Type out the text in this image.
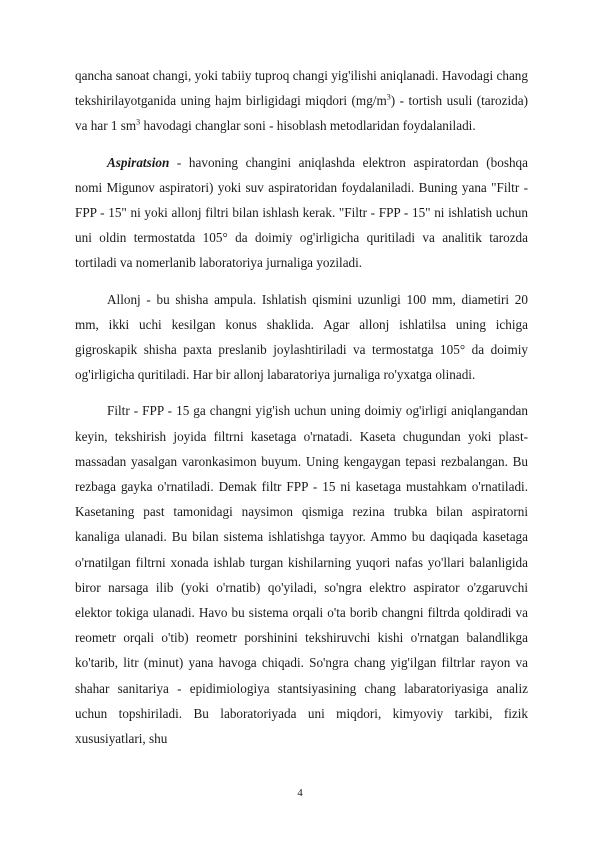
qancha sanoat changi, yoki tabiiy tuproq changi yig'ilishi aniqlanadi. Havodagi chang tekshirilayotganida uning hajm birligidagi miqdori $(mg/m^3)$ - tortish usuli (tarozida) va har 1 $sm^3$ havodagi changlar soni - hisoblash metodlaridan foydalaniladi.

Aspiratsion - havoning changini aniqlashda elektron aspiratordan (boshqa nomi Migunov aspiratori) yoki suv aspiratoridan foydalaniladi. Buning yana "Filtr - FPP - 15" ni yoki allonj filtri bilan ishlash kerak. "Filtr - FPP - 15" ni ishlatish uchun uni oldin termostatda 105° da doimiy og'irligicha quritiladi va analitik tarozda tortiladi va nomerlanib laboratoriya jurnaliga yoziladi.

Allonj - bu shisha ampula. Ishlatish qismini uzunligi 100 mm, diametiri 20 mm, ikki uchi kesilgan konus shaklida. Agar allonj ishlatilsa uning ichiga gigroskapik shisha paxta preslanib joylashtiriladi va termostatga 105° da doimiy og'irligicha quritiladi. Har bir allonj labaratoriya jurnaliga ro'yxatga olinadi.

Filtr - FPP - 15 ga changni yig'ish uchun uning doimiy og'irligi aniqlangandan keyin, tekshirish joyida filtrni kasetaga o'rnatadi. Kaseta chugundan yoki plast-massadan yasalgan varonkasimon buyum. Uning kengaygan tepasi rezbalangan. Bu rezbaga gayka o'rnatiladi. Demak filtr FPP - 15 ni kasetaga mustahkam o'rnatiladi. Kasetaning past tamonidagi naysimon qismiga rezina trubka bilan aspiratorni kanaliga ulanadi. Bu bilan sistema ishlatishga tayyor. Ammo bu daqiqada kasetaga o'rnatilgan filtrni xonada ishlab turgan kishilarning yuqori nafas yo'llari balanligida biror narsaga ilib (yoki o'rnatib) qo'yiladi, so'ngra elektro aspirator o'zgaruvchi elektor tokiga ulanadi. Havo bu sistema orqali o'ta borib changni filtrda qoldiradi va reometr orqali o'tib) reometr porshinini tekshiruvchi kishi o'rnatgan balandlikga ko'tarib, litr (minut) yana havoga chiqadi. So'ngra chang yig'ilgan filtrlar rayon va shahar sanitariya - epidimiologiya stantsiyasining chang labaratoriyasiga analiz uchun topshiriladi. Bu laboratoriyada uni miqdori, kimyoviy tarkibi, fizik xususiyatlari, shu

4
